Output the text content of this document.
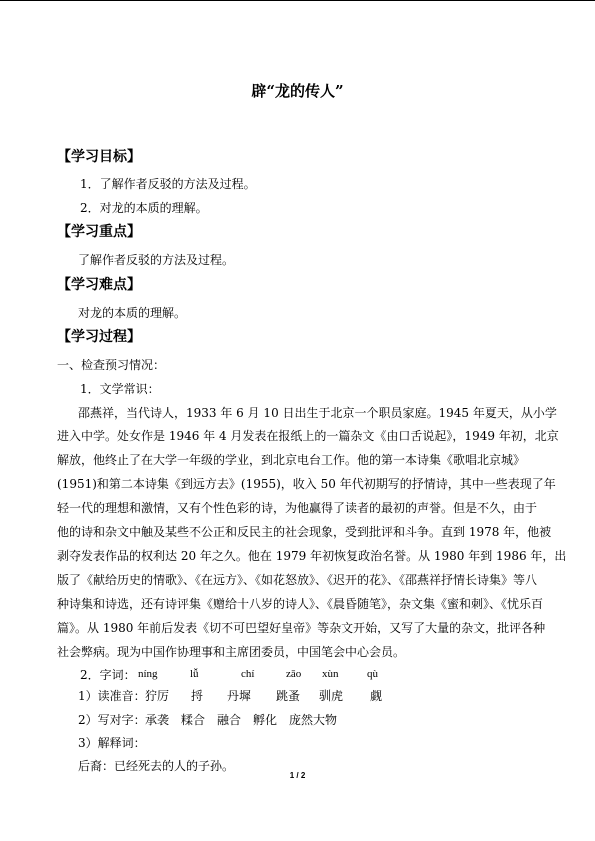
辟“龙的传人”
【学习目标】
1．了解作者反驳的方法及过程。
2．对龙的本质的理解。
【学习重点】
了解作者反驳的方法及过程。
【学习难点】
对龙的本质的理解。
【学习过程】
一、检查预习情况：
1．文学常识：
邵燕祥，当代诗人，1933 年 6 月 10 日出生于北京一个职员家庭。1945 年夏天，从小学
进入中学。处女作是 1946 年 4 月发表在报纸上的一篇杂文《由口舌说起》，1949 年初，北京
解放，他终止了在大学一年级的学业，到北京电台工作。他的第一本诗集《歌唱北京城》
(1951)和第二本诗集《到远方去》(1955)，收入 50 年代初期写的抒情诗，其中一些表现了年
轻一代的理想和激情，又有个性色彩的诗，为他赢得了读者的最初的声誉。但是不久，由于
他的诗和杂文中触及某些不公正和反民主的社会现象，受到批评和斗争。直到 1978 年，他被
剥夺发表作品的权利达 20 年之久。他在 1979 年初恢复政治名誉。从 1980 年到 1986 年，出
版了《献给历史的情歌》、《在远方》、《如花怒放》、《迟开的花》、《邵燕祥抒情长诗集》等八
种诗集和诗选，还有诗评集《赠给十八岁的诗人》、《晨昏随笔》，杂文集《蜜和刺》、《忧乐百
篇》。从 1980 年前后发表《切不可巴望好皇帝》等杂文开始，又写了大量的杂文，批评各种
社会弊病。现为中国作协理事和主席团委员，中国笔会中心会员。
2．字词： níng	lǚ	chí	zāo xùn	qù
1）读准音： 狞厉 捋 丹墀 跳蚤 驯虎 觑
2）写对字： 承袭 糅合 融合 孵化 庞然大物
3）解释词：
后裔：已经死去的人的子孙。
1 / 2
